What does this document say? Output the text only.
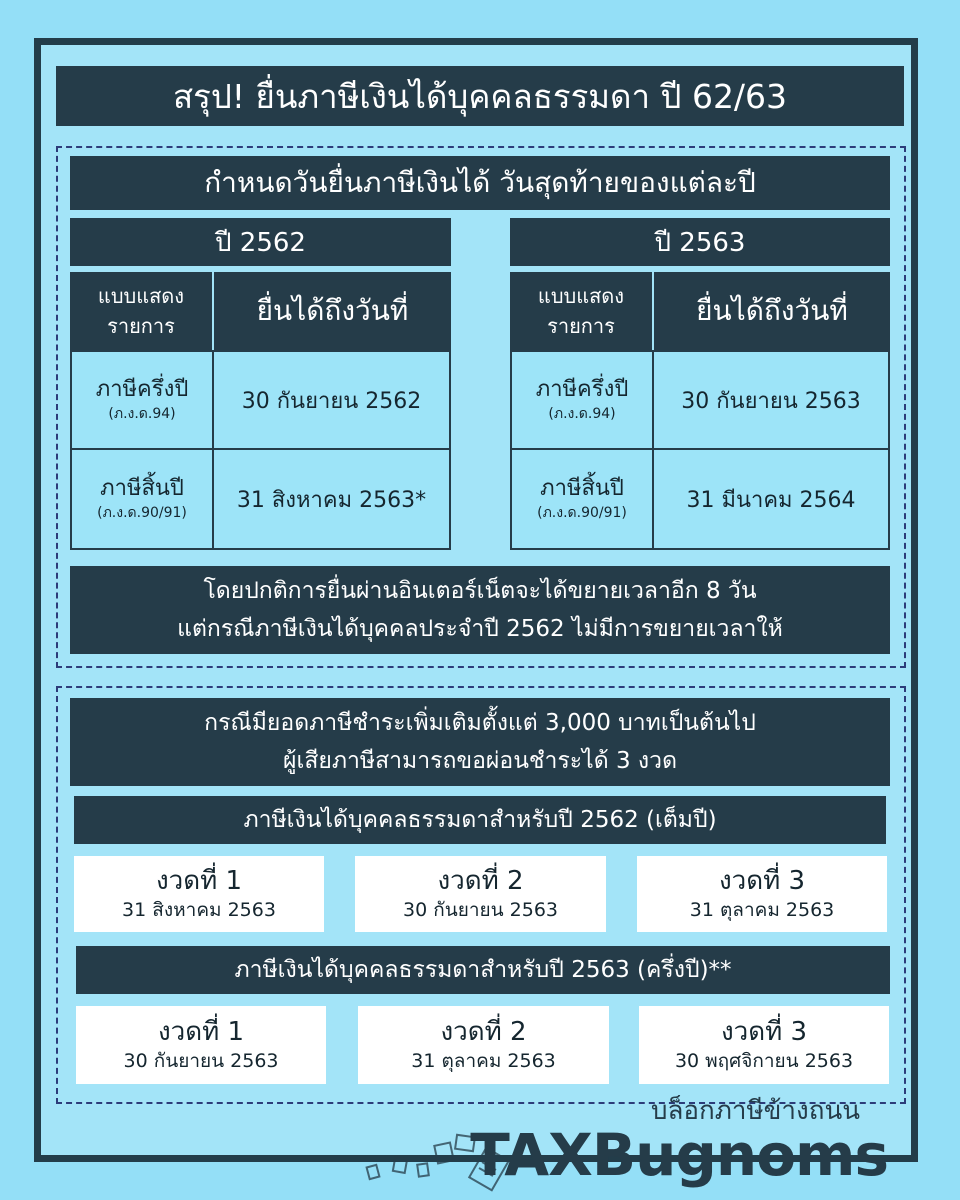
สรุป! ยื่นภาษีเงินได้บุคคลธรรมดา ปี 62/63
กำหนดวันยื่นภาษีเงินได้ วันสุดท้ายของแต่ละปี
ปี 2562
แบบแสดงรายการ	ยื่นได้ถึงวันที่
ภาษีครึ่งปี
(ภ.ง.ด.94)
30 กันยายน 2562
ภาษีสิ้นปี
(ภ.ง.ด.90/91)
31 สิงหาคม 2563*
ปี 2563
แบบแสดงรายการ	ยื่นได้ถึงวันที่
ภาษีครึ่งปี
(ภ.ง.ด.94)
30 กันยายน 2563
ภาษีสิ้นปี
(ภ.ง.ด.90/91)
31 มีนาคม 2564
โดยปกติการยื่นผ่านอินเตอร์เน็ตจะได้ขยายเวลาอีก 8 วัน
แต่กรณีภาษีเงินได้บุคคลประจำปี 2562 ไม่มีการขยายเวลาให้
กรณีมียอดภาษีชำระเพิ่มเติมตั้งแต่ 3,000 บาทเป็นต้นไป
ผู้เสียภาษีสามารถขอผ่อนชำระได้ 3 งวด
ภาษีเงินได้บุคคลธรรมดาสำหรับปี 2562 (เต็มปี)
งวดที่ 1
31 สิงหาคม 2563
งวดที่ 2
30 กันยายน 2563
งวดที่ 3
31 ตุลาคม 2563
ภาษีเงินได้บุคคลธรรมดาสำหรับปี 2563 (ครึ่งปี)**
งวดที่ 1
30 กันยายน 2563
งวดที่ 2
31 ตุลาคม 2563
งวดที่ 3
30 พฤศจิกายน 2563
บล็อกภาษีข้างถนน
TAXBugnoms
